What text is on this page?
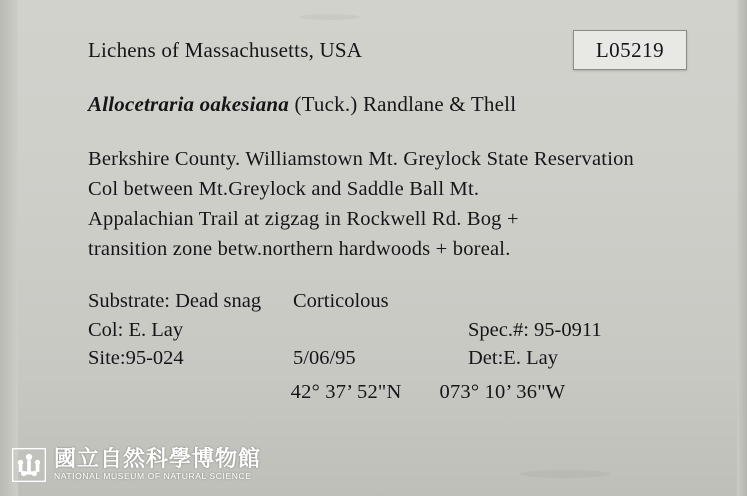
Lichens of Massachusetts, USA
Allocetraria oakesiana (Tuck.) Randlane & Thell
Berkshire County. Williamstown Mt. Greylock State Reservation
Col between Mt.Greylock and Saddle Ball Mt.
Appalachian Trail at zigzag in Rockwell Rd. Bog +
transition zone betw.northern hardwoods + boreal.
Substrate: Dead snag Corticolous
Col: E. Lay	Spec.#: 95-0911
Site:95-024	5/06/95	Det:E. Lay
42° 37’ 52"N 073° 10’ 36"W
L05219
國立自然科學博物館
NATIONAL MUSEUM OF NATURAL SCIENCE
